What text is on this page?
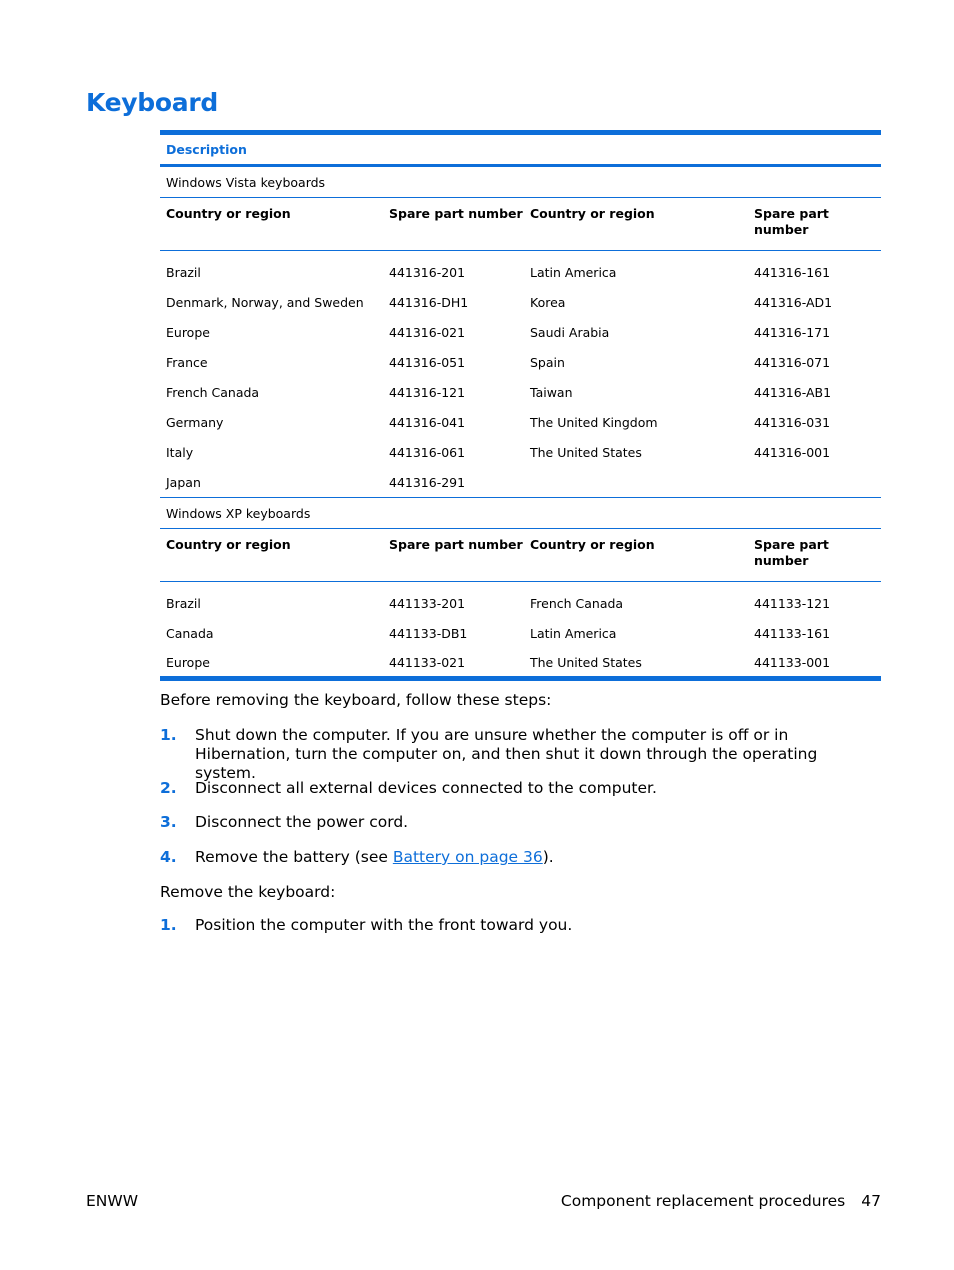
Keyboard
Description			
Windows Vista keyboards			
Country or region	Spare part number	Country or region	Spare part number
Brazil	441316-201	Latin America	441316-161
Denmark, Norway, and Sweden	441316-DH1	Korea	441316-AD1
Europe	441316-021	Saudi Arabia	441316-171
France	441316-051	Spain	441316-071
French Canada	441316-121	Taiwan	441316-AB1
Germany	441316-041	The United Kingdom	441316-031
Italy	441316-061	The United States	441316-001
Japan	441316-291		
Windows XP keyboards			
Country or region	Spare part number	Country or region	Spare part number
Brazil	441133-201	French Canada	441133-121
Canada	441133-DB1	Latin America	441133-161
Europe	441133-021	The United States	441133-001

Before removing the keyboard, follow these steps:

1. Shut down the computer. If you are unsure whether the computer is off or in Hibernation, turn the computer on, and then shut it down through the operating system.
2. Disconnect all external devices connected to the computer.
3. Disconnect the power cord.
4. Remove the battery (see Battery on page 36).

Remove the keyboard:

1. Position the computer with the front toward you.
ENWW	Component replacement procedures 47
